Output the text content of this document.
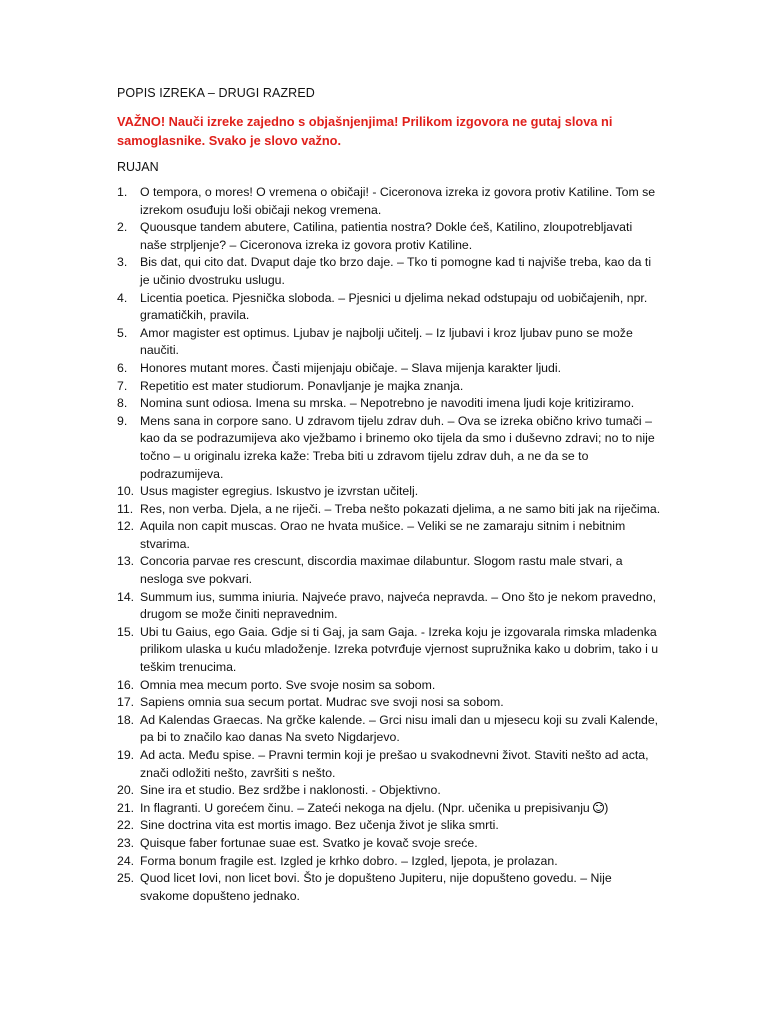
POPIS IZREKA – DRUGI RAZRED
VAŽNO! Nauči izreke zajedno s objašnjenjima! Prilikom izgovora ne gutaj slova ni samoglasnike. Svako je slovo važno.
RUJAN
1. O tempora, o mores! O vremena o običaji! - Ciceronova izreka iz govora protiv Katiline. Tom se izrekom osuđuju loši običaji nekog vremena.
2. Quousque tandem abutere, Catilina, patientia nostra? Dokle ćeš, Katilino, zloupotrebljavati naše strpljenje? – Ciceronova izreka iz govora protiv Katiline.
3. Bis dat, qui cito dat. Dvaput daje tko brzo daje. – Tko ti pomogne kad ti najviše treba, kao da ti je učinio dvostruku uslugu.
4. Licentia poetica. Pjesnička sloboda. – Pjesnici u djelima nekad odstupaju od uobičajenih, npr. gramatičkih, pravila.
5. Amor magister est optimus. Ljubav je najbolji učitelj. – Iz ljubavi i kroz ljubav puno se može naučiti.
6. Honores mutant mores. Časti mijenjaju običaje. – Slava mijenja karakter ljudi.
7. Repetitio est mater studiorum. Ponavljanje je majka znanja.
8. Nomina sunt odiosa. Imena su mrska. – Nepotrebno je navoditi imena ljudi koje kritiziramo.
9. Mens sana in corpore sano. U zdravom tijelu zdrav duh. – Ova se izreka obično krivo tumači – kao da se podrazumijeva ako vježbamo i brinemo oko tijela da smo i duševno zdravi; no to nije točno – u originalu izreka kaže: Treba biti u zdravom tijelu zdrav duh, a ne da se to podrazumijeva.
10. Usus magister egregius. Iskustvo je izvrstan učitelj.
11. Res, non verba. Djela, a ne riječi. – Treba nešto pokazati djelima, a ne samo biti jak na riječima.
12. Aquila non capit muscas. Orao ne hvata mušice. – Veliki se ne zamaraju sitnim i nebitnim stvarima.
13. Concoria parvae res crescunt, discordia maximae dilabuntur. Slogom rastu male stvari, a nesloga sve pokvari.
14. Summum ius, summa iniuria. Najveće pravo, najveća nepravda. – Ono što je nekom pravedno, drugom se može činiti nepravednim.
15. Ubi tu Gaius, ego Gaia. Gdje si ti Gaj, ja sam Gaja. - Izreka koju je izgovarala rimska mladenka prilikom ulaska u kuću mladoženje. Izreka potvrđuje vjernost supružnika kako u dobrim, tako i u teškim trenucima.
16. Omnia mea mecum porto. Sve svoje nosim sa sobom.
17. Sapiens omnia sua secum portat. Mudrac sve svoji nosi sa sobom.
18. Ad Kalendas Graecas. Na grčke kalende. – Grci nisu imali dan u mjesecu koji su zvali Kalende, pa bi to značilo kao danas Na sveto Nigdarjevo.
19. Ad acta. Među spise. – Pravni termin koji je prešao u svakodnevni život. Staviti nešto ad acta, znači odložiti nešto, završiti s nešto.
20. Sine ira et studio. Bez srdžbe i naklonosti. - Objektivno.
21. In flagranti. U gorećem činu. – Zateći nekoga na djelu. (Npr. učenika u prepisivanju )
22. Sine doctrina vita est mortis imago. Bez učenja život je slika smrti.
23. Quisque faber fortunae suae est. Svatko je kovač svoje sreće.
24. Forma bonum fragile est. Izgled je krhko dobro. – Izgled, ljepota, je prolazan.
25. Quod licet Iovi, non licet bovi. Što je dopušteno Jupiteru, nije dopušteno govedu. – Nije svakome dopušteno jednako.
